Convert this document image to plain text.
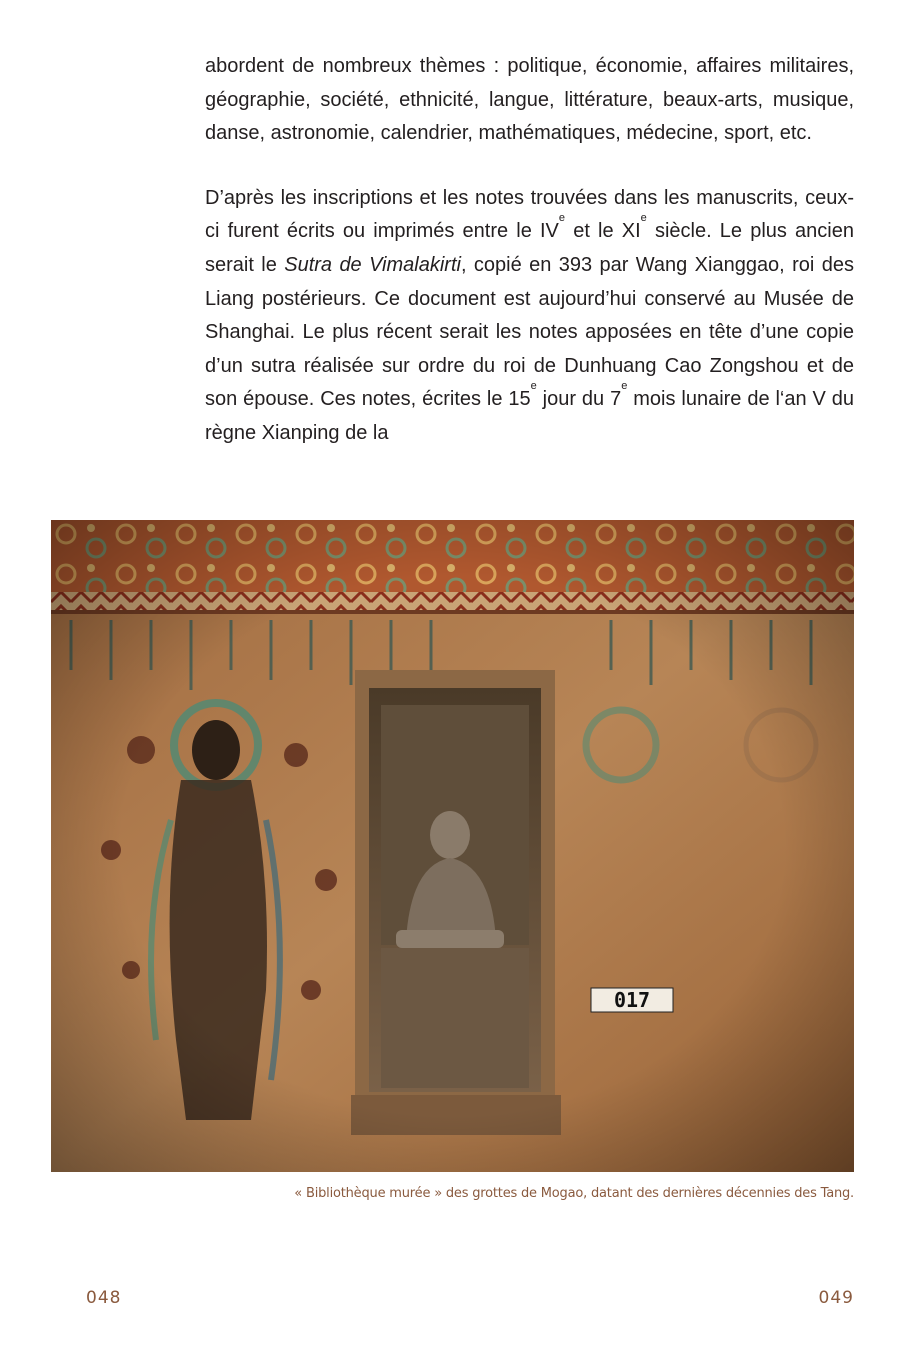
abordent de nombreux thèmes : politique, économie, affaires militaires, géographie, société, ethnicité, langue, littérature, beaux-arts, musique, danse, astronomie, calendrier, mathématiques, médecine, sport, etc.

D’après les inscriptions et les notes trouvées dans les manuscrits, ceux-ci furent écrits ou imprimés entre le IVe et le XIe siècle. Le plus ancien serait le Sutra de Vimalakirti, copié en 393 par Wang Xianggao, roi des Liang postérieurs. Ce document est aujourd’hui conservé au Musée de Shanghai. Le plus récent serait les notes apposées en tête d’une copie d’un sutra réalisée sur ordre du roi de Dunhuang Cao Zongshou et de son épouse. Ces notes, écrites le 15e jour du 7e mois lunaire de l‘an V du règne Xianping de la

« Bibliothèque murée » des grottes de Mogao, datant des dernières décennies des Tang.
048	049
